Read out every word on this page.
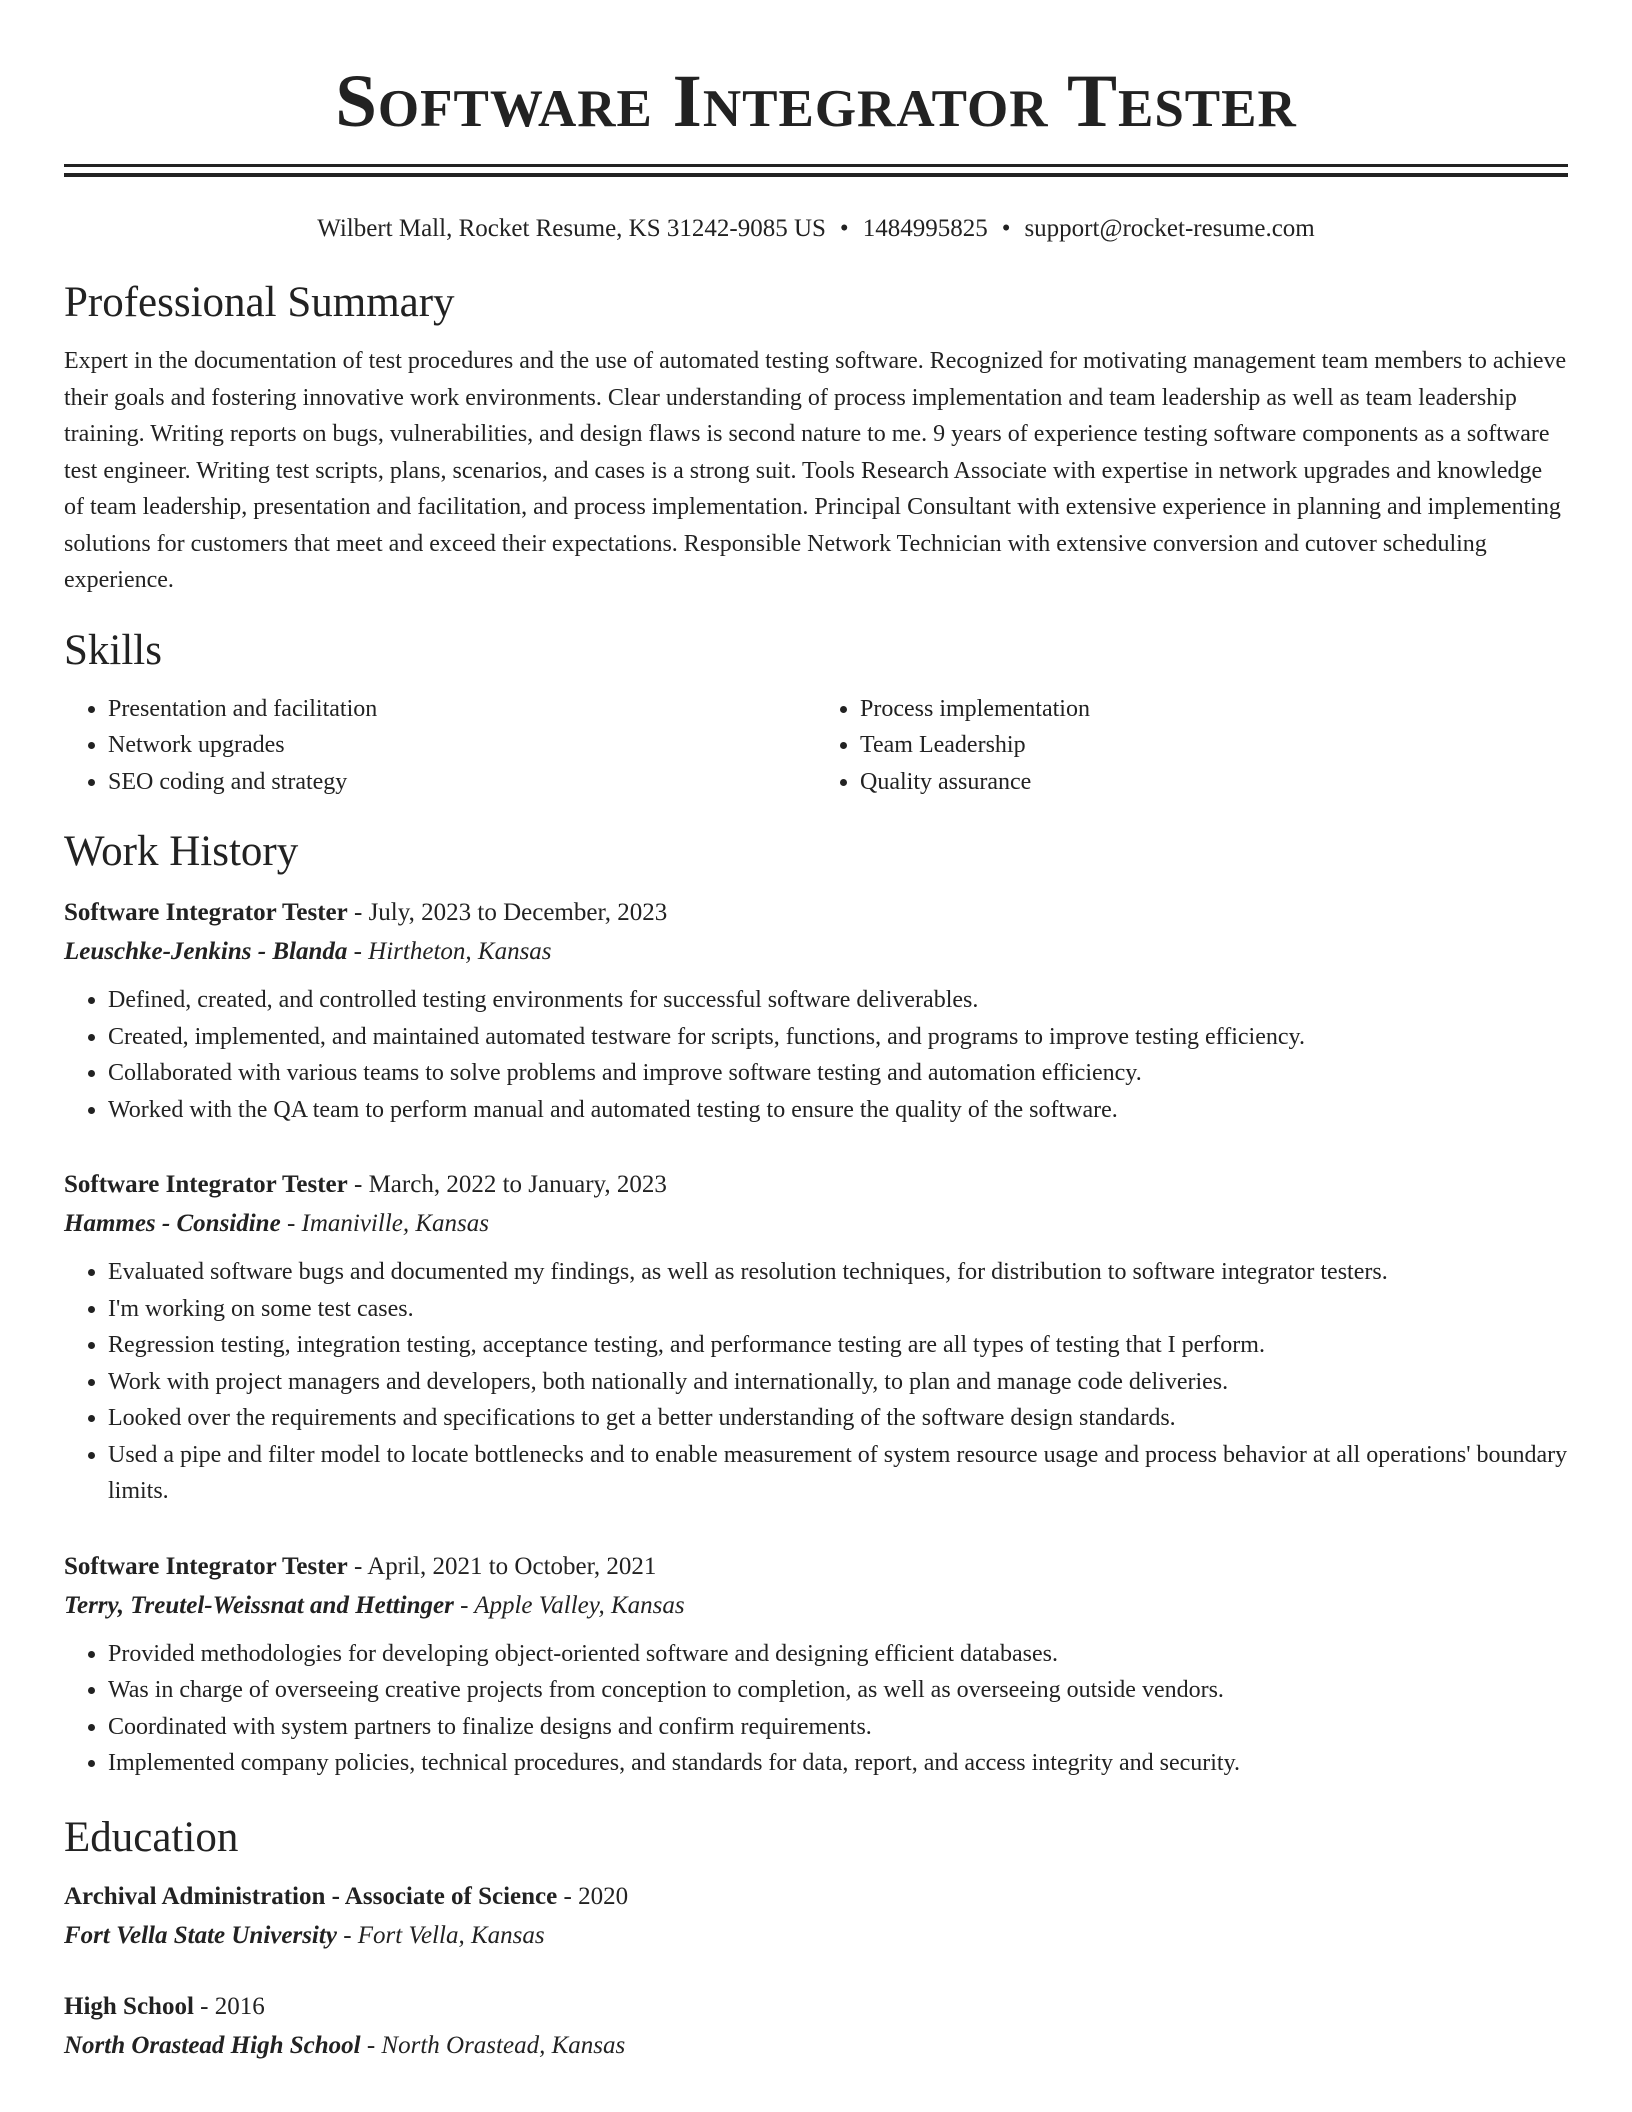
Software Integrator Tester
Wilbert Mall, Rocket Resume, KS 31242-9085 US • 1484995825 • support@rocket-resume.com
Professional Summary

Expert in the documentation of test procedures and the use of automated testing software. Recognized for motivating management team members to achieve their goals and fostering innovative work environments. Clear understanding of process implementation and team leadership as well as team leadership training. Writing reports on bugs, vulnerabilities, and design flaws is second nature to me. 9 years of experience testing software components as a software test engineer. Writing test scripts, plans, scenarios, and cases is a strong suit. Tools Research Associate with expertise in network upgrades and knowledge of team leadership, presentation and facilitation, and process implementation. Principal Consultant with extensive experience in planning and implementing solutions for customers that meet and exceed their expectations. Responsible Network Technician with extensive conversion and cutover scheduling experience.

Skills
• Presentation and facilitation
• Network upgrades
• SEO coding and strategy
• Process implementation
• Team Leadership
• Quality assurance
Work History
Software Integrator Tester - July, 2023 to December, 2023
Leuschke-Jenkins - Blanda - Hirtheton, Kansas
• Defined, created, and controlled testing environments for successful software deliverables.
• Created, implemented, and maintained automated testware for scripts, functions, and programs to improve testing efficiency.
• Collaborated with various teams to solve problems and improve software testing and automation efficiency.
• Worked with the QA team to perform manual and automated testing to ensure the quality of the software.
Software Integrator Tester - March, 2022 to January, 2023
Hammes - Considine - Imaniville, Kansas
• Evaluated software bugs and documented my findings, as well as resolution techniques, for distribution to software integrator testers.
• I'm working on some test cases.
• Regression testing, integration testing, acceptance testing, and performance testing are all types of testing that I perform.
• Work with project managers and developers, both nationally and internationally, to plan and manage code deliveries.
• Looked over the requirements and specifications to get a better understanding of the software design standards.
• Used a pipe and filter model to locate bottlenecks and to enable measurement of system resource usage and process behavior at all operations' boundary limits.
Software Integrator Tester - April, 2021 to October, 2021
Terry, Treutel-Weissnat and Hettinger - Apple Valley, Kansas
• Provided methodologies for developing object-oriented software and designing efficient databases.
• Was in charge of overseeing creative projects from conception to completion, as well as overseeing outside vendors.
• Coordinated with system partners to finalize designs and confirm requirements.
• Implemented company policies, technical procedures, and standards for data, report, and access integrity and security.
Education
Archival Administration - Associate of Science - 2020
Fort Vella State University - Fort Vella, Kansas
High School - 2016
North Orastead High School - North Orastead, Kansas
